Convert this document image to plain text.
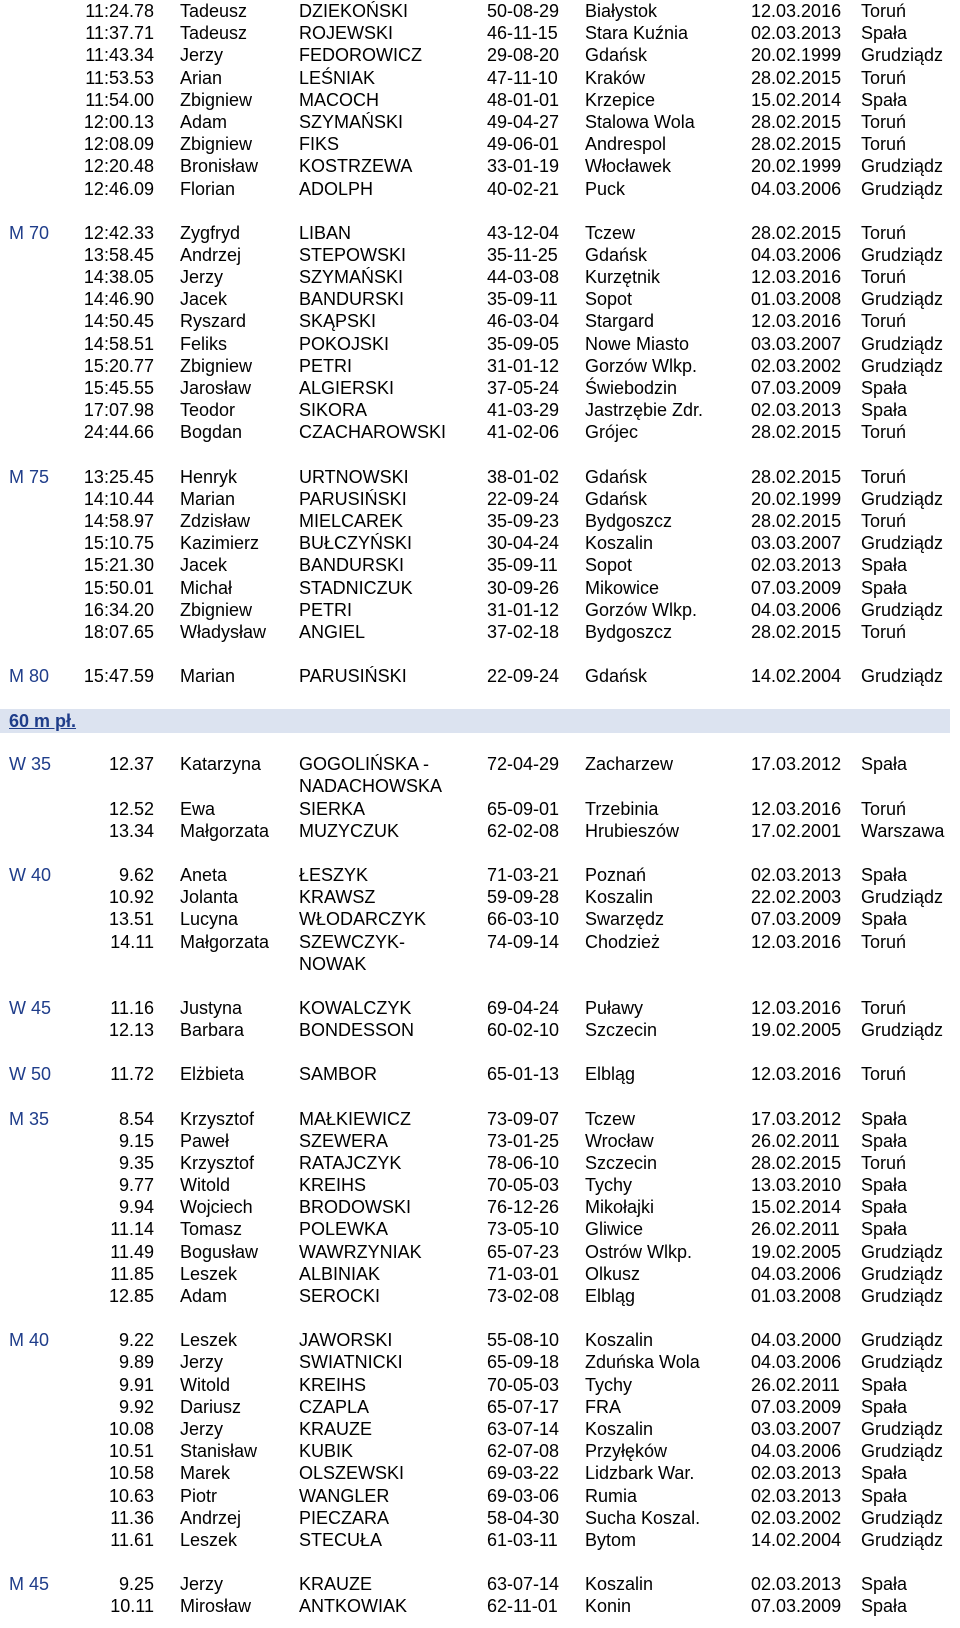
11:24.78 Tadeusz	DZIEKOŃSKI	50-08-29 Białystok	12.03.2016 Toruń
11:37.71 Tadeusz	ROJEWSKI	46-11-15 Stara Kuźnia	02.03.2013 Spała
11:43.34 Jerzy	FEDOROWICZ	29-08-20 Gdańsk	20.02.1999 Grudziądz
11:53.53 Arian	LEŚNIAK	47-11-10 Kraków	28.02.2015 Toruń
11:54.00 Zbigniew	MACOCH	48-01-01 Krzepice	15.02.2014 Spała
12:00.13 Adam	SZYMAŃSKI	49-04-27 Stalowa Wola	28.02.2015 Toruń
12:08.09 Zbigniew	FIKS	49-06-01 Andrespol	28.02.2015 Toruń
12:20.48 Bronisław KOSTRZEWA	33-01-19 Włocławek	20.02.1999 Grudziądz
12:46.09 Florian	ADOLPH	40-02-21 Puck	04.03.2006 Grudziądz
M 70	12:42.33 Zygfryd	LIBAN	43-12-04 Tczew	28.02.2015 Toruń
13:58.45 Andrzej	STEPOWSKI	35-11-25 Gdańsk	04.03.2006 Grudziądz
14:38.05 Jerzy	SZYMAŃSKI	44-03-08 Kurzętnik	12.03.2016 Toruń
14:46.90 Jacek	BANDURSKI	35-09-11 Sopot	01.03.2008 Grudziądz
14:50.45 Ryszard	SKĄPSKI	46-03-04 Stargard	12.03.2016 Toruń
14:58.51 Feliks	POKOJSKI	35-09-05 Nowe Miasto	03.03.2007 Grudziądz
15:20.77 Zbigniew	PETRI	31-01-12 Gorzów Wlkp.	02.03.2002 Grudziądz
15:45.55 Jarosław	ALGIERSKI	37-05-24 Świebodzin	07.03.2009 Spała
17:07.98 Teodor	SIKORA	41-03-29 Jastrzębie Zdr.	02.03.2013 Spała
24:44.66 Bogdan	CZACHAROWSKI 41-02-06 Grójec	28.02.2015 Toruń
M 75	13:25.45 Henryk	URTNOWSKI	38-01-02 Gdańsk	28.02.2015 Toruń
14:10.44 Marian	PARUSIŃSKI	22-09-24 Gdańsk	20.02.1999 Grudziądz
14:58.97 Zdzisław	MIELCAREK	35-09-23 Bydgoszcz	28.02.2015 Toruń
15:10.75 Kazimierz BUŁCZYŃSKI	30-04-24 Koszalin	03.03.2007 Grudziądz
15:21.30 Jacek	BANDURSKI	35-09-11 Sopot	02.03.2013 Spała
15:50.01 Michał	STADNICZUK	30-09-26 Mikowice	07.03.2009 Spała
16:34.20 Zbigniew	PETRI	31-01-12 Gorzów Wlkp.	04.03.2006 Grudziądz
18:07.65 Władysław ANGIEL	37-02-18 Bydgoszcz	28.02.2015 Toruń
M 80	15:47.59 Marian	PARUSIŃSKI	22-09-24 Gdańsk	14.02.2004 Grudziądz
60 m pł.
W 35	12.37 Katarzyna GOGOLIŃSKA - NADACHOWSKA
72-04-29 Zacharzew	17.03.2012 Spała
12.52 Ewa	SIERKA	65-09-01 Trzebinia	12.03.2016 Toruń
13.34 Małgorzata MUZYCZUK	62-02-08 Hrubieszów	17.02.2001 Warszawa
W 40	9.62 Aneta	ŁESZYK	71-03-21 Poznań	02.03.2013 Spała
10.92 Jolanta	KRAWSZ	59-09-28 Koszalin	22.02.2003 Grudziądz
13.51 Lucyna	WŁODARCZYK	66-03-10 Swarzędz	07.03.2009 Spała
14.11 Małgorzata SZEWCZYK-NOWAK
74-09-14 Chodzież	12.03.2016 Toruń
W 45	11.16 Justyna	KOWALCZYK	69-04-24 Puławy	12.03.2016 Toruń
12.13 Barbara	BONDESSON	60-02-10 Szczecin	19.02.2005 Grudziądz
W 50	11.72 Elżbieta	SAMBOR	65-01-13 Elbląg	12.03.2016 Toruń
M 35	8.54 Krzysztof MAŁKIEWICZ	73-09-07 Tczew	17.03.2012 Spała
9.15 Paweł	SZEWERA	73-01-25 Wrocław	26.02.2011 Spała
9.35 Krzysztof RATAJCZYK	78-06-10 Szczecin	28.02.2015 Toruń
9.77 Witold	KREIHS	70-05-03 Tychy	13.03.2010 Spała
9.94 Wojciech	BRODOWSKI	76-12-26 Mikołajki	15.02.2014 Spała
11.14 Tomasz	POLEWKA	73-05-10 Gliwice	26.02.2011 Spała
11.49 Bogusław WAWRZYNIAK	65-07-23 Ostrów Wlkp.	19.02.2005 Grudziądz
11.85 Leszek	ALBINIAK	71-03-01 Olkusz	04.03.2006 Grudziądz
12.85 Adam	SEROCKI	73-02-08 Elbląg	01.03.2008 Grudziądz
M 40	9.22 Leszek	JAWORSKI	55-08-10 Koszalin	04.03.2000 Grudziądz
9.89 Jerzy	SWIATNICKI	65-09-18 Zduńska Wola	04.03.2006 Grudziądz
9.91 Witold	KREIHS	70-05-03 Tychy	26.02.2011 Spała
9.92 Dariusz	CZAPLA	65-07-17 FRA	07.03.2009 Spała
10.08 Jerzy	KRAUZE	63-07-14 Koszalin	03.03.2007 Grudziądz
10.51 Stanisław KUBIK	62-07-08 Przyłęków	04.03.2006 Grudziądz
10.58 Marek	OLSZEWSKI	69-03-22 Lidzbark War.	02.03.2013 Spała
10.63 Piotr	WANGLER	69-03-06 Rumia	02.03.2013 Spała
11.36 Andrzej	PIECZARA	58-04-30 Sucha Koszal.	02.03.2002 Grudziądz
11.61 Leszek	STECUŁA	61-03-11 Bytom	14.02.2004 Grudziądz
M 45	9.25 Jerzy	KRAUZE	63-07-14 Koszalin	02.03.2013 Spała
10.11 Mirosław	ANTKOWIAK	62-11-01 Konin	07.03.2009 Spała
